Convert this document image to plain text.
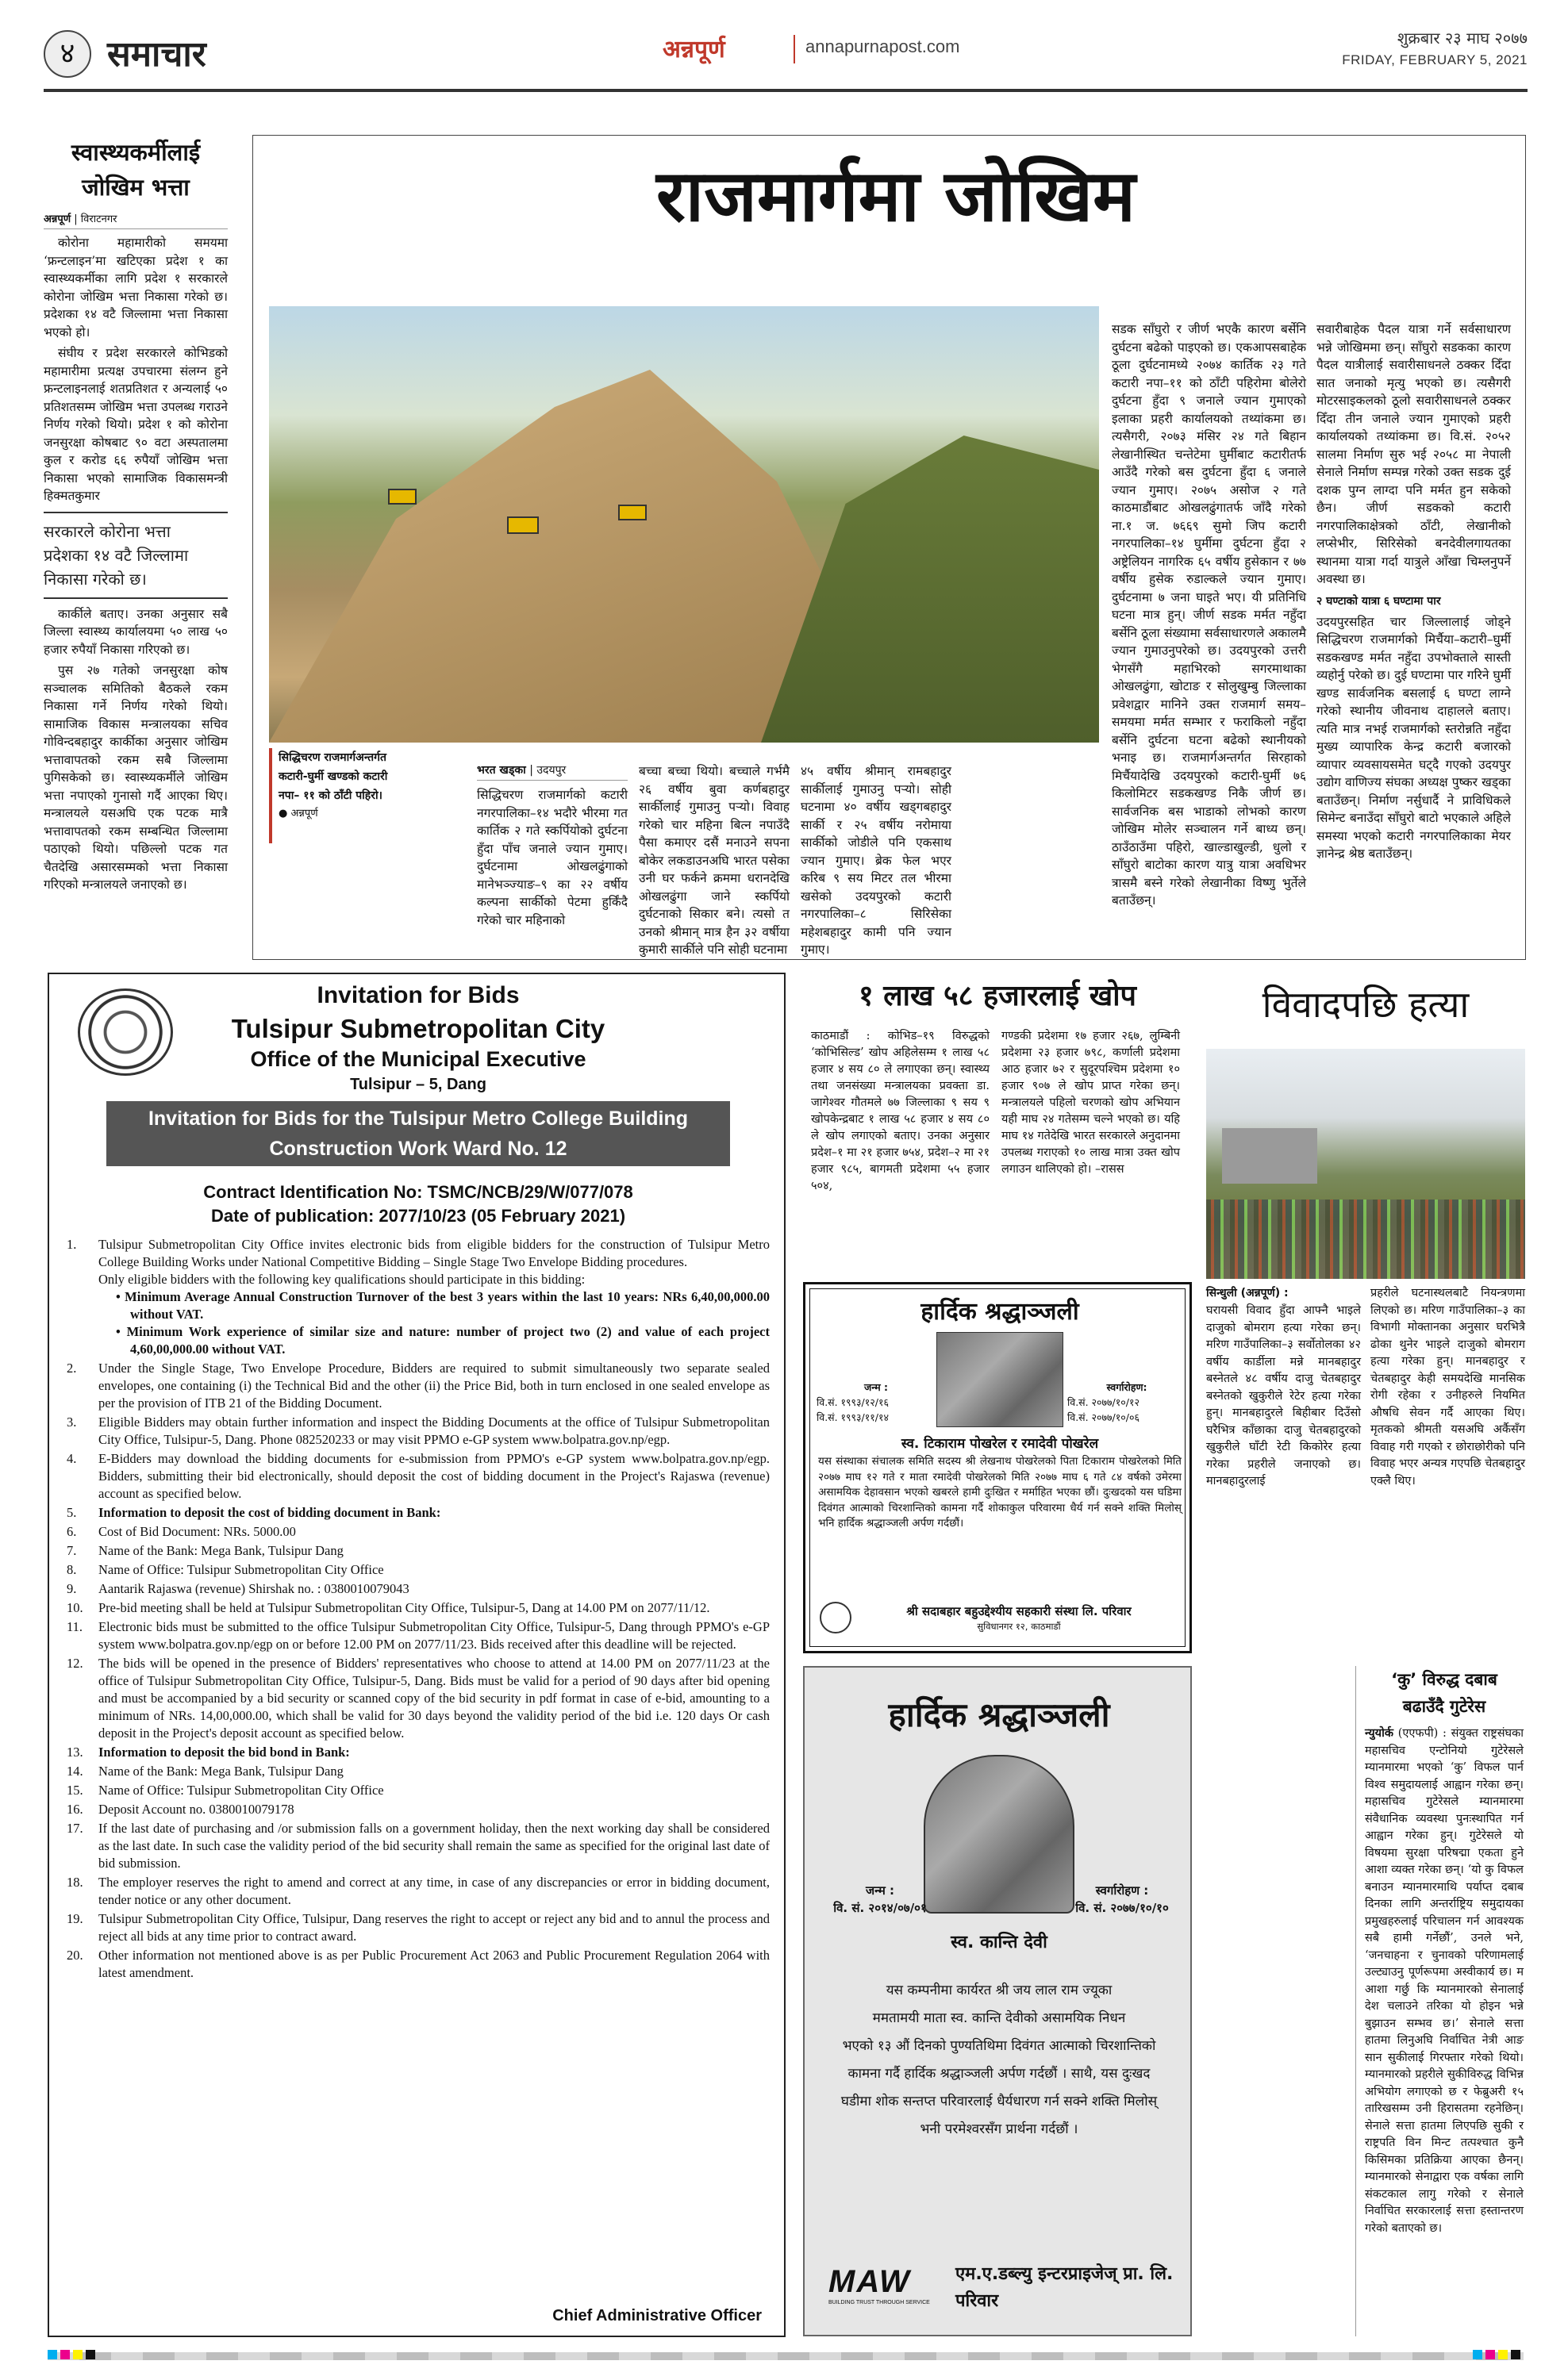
४ समाचार	अन्नपूर्ण	annapurnapost.com	शुक्रबार २३ माघ २०७७
FRIDAY, FEBRUARY 5, 2021
स्वास्थ्यकर्मीलाई
जोखिम भत्ता
अन्नपूर्ण | विराटनगर

कोरोना महामारीको समयमा ‘फ्रन्टलाइन’मा खटिएका प्रदेश १ का स्वास्थ्यकर्मीका लागि प्रदेश १ सरकारले कोरोना जोखिम भत्ता निकासा गरेको छ। प्रदेशका १४ वटै जिल्लामा भत्ता निकासा भएको हो।

संघीय र प्रदेश सरकारले कोभिडको महामारीमा प्रत्यक्ष उपचारमा संलग्न हुने फ्रन्टलाइनलाई शतप्रतिशत र अन्यलाई ५० प्रतिशतसम्म जोखिम भत्ता उपलब्ध गराउने निर्णय गरेको थियो। प्रदेश १ को कोरोना जनसुरक्षा कोषबाट ९० वटा अस्पतालमा कुल र करोड ६६ रुपैयाँ जोखिम भत्ता निकासा भएको सामाजिक विकासमन्त्री हिक्मतकुमार

सरकारले कोरोना भत्ता
प्रदेशका १४ वटै जिल्लामा
निकासा गरेको छ।

कार्कीले बताए। उनका अनुसार सबै जिल्ला स्वास्थ्य कार्यालयमा ५० लाख ५० हजार रुपैयाँ निकासा गरिएको छ।

पुस २७ गतेको जनसुरक्षा कोष सञ्चालक समितिको बैठकले रकम निकासा गर्ने निर्णय गरेको थियो। सामाजिक विकास मन्त्रालयका सचिव गोविन्दबहादुर कार्कीका अनुसार जोखिम भत्तावापतको रकम सबै जिल्लामा पुगिसकेको छ। स्वास्थ्यकर्मीले जोखिम भत्ता नपाएको गुनासो गर्दै आएका थिए। मन्त्रालयले यसअघि एक पटक मात्रै भत्तावापतको रकम सम्बन्धित जिल्लामा पठाएको थियो। पछिल्लो पटक गत चैतदेखि असारसम्मको भत्ता निकासा गरिएको मन्त्रालयले जनाएको छ।

राजमार्गमा जोखिम
सिद्धिचरण राजमार्गअन्तर्गत
कटारी-घुर्मी खण्डको कटारी
नपा– ११ को ठाँटी पहिरो।
● अन्नपूर्ण
भरत खड्का | उदयपुर
सिद्धिचरण राजमार्गको कटारी नगरपालिका–१४ भदौरे भीरमा गत कार्तिक २ गते स्कर्पियोको दुर्घटना हुँदा पाँच जनाले ज्यान गुमाए। दुर्घटनामा ओखलढुंगाको मानेभञ्ज्याङ–९ का २२ वर्षीय कल्पना सार्कीको पेटमा हुर्किंदै गरेको चार महिनाको
बच्चा बच्चा थियो। बच्चाले गर्भमै २६ वर्षीय बुवा कर्णबहादुर सार्कीलाई गुमाउनु पर्‍यो। विवाह गरेको चार महिना बित्न नपाउँदै पैसा कमाएर दसैं मनाउने सपना बोकेर लकडाउनअघि भारत पसेका उनी घर फर्कने क्रममा धरानदेखि ओखलढुंगा जाने स्कर्पियो दुर्घटनाको सिकार बने। त्यसो त उनको श्रीमान् मात्र हैन ३२ वर्षीया कुमारी सार्कीले पनि सोही घटनामा
४५ वर्षीय श्रीमान् रामबहादुर सार्कीलाई गुमाउनु पर्‍यो। सोही घटनामा ४० वर्षीय खड्गबहादुर सार्की र २५ वर्षीय नरोमाया सार्कीको जोडीले पनि एकसाथ ज्यान गुमाए। ब्रेक फेल भएर करिब ९ सय मिटर तल भीरमा खसेको उदयपुरको कटारी नगरपालिका–८ सिरिसेका महेशबहादुर कामी पनि ज्यान गुमाए।
सडक साँघुरो र जीर्ण भएकै कारण बर्सेनि दुर्घटना बढेको पाइएको छ। एकआपसबाहेक ठूला दुर्घटनामध्ये २०७४ कार्तिक २३ गते कटारी नपा–११ को ठाँटी पहिरोमा बोलेरो दुर्घटना हुँदा ९ जनाले ज्यान गुमाएको इलाका प्रहरी कार्यालयको तथ्यांकमा छ। त्यसैगरी, २०७३ मंसिर २४ गते बिहान लेखानीस्थित चन्तेटेमा घुर्मीबाट कटारीतर्फ आउँदै गरेको बस दुर्घटना हुँदा ६ जनाले ज्यान गुमाए। २०७५ असोज २ गते काठमाडौंबाट ओखलढुंगातर्फ जाँदै गरेको ना.१ ज. ७६६९ सुमो जिप कटारी नगरपालिका–१४ घुर्मीमा दुर्घटना हुँदा २ अष्ट्रेलियन नागरिक ६५ वर्षीय हुसेकान र ७७ वर्षीय हुसेक रुडाल्कले ज्यान गुमाए। दुर्घटनामा ७ जना घाइते भए। यी प्रतिनिधि घटना मात्र हुन्। जीर्ण सडक मर्मत नहुँदा बर्सेनि ठूला संख्यामा सर्वसाधारणले अकालमै ज्यान गुमाउनुपरेको छ। उदयपुरको उत्तरी भेगसँगै महाभिरको सगरमाथाका ओखलढुंगा, खोटाङ र सोलुखुम्बु जिल्लाका प्रवेशद्वार मानिने उक्त राजमार्ग समय–समयमा मर्मत सम्भार र फराकिलो नहुँदा बर्सेनि दुर्घटना घटना बढेको स्थानीयको भनाइ छ। राजमार्गअन्तर्गत सिरहाको मिर्चैयादेखि उदयपुरको कटारी-घुर्मी ७६ किलोमिटर सडकखण्ड निकै जीर्ण छ। सार्वजनिक बस भाडाको लोभको कारण जोखिम मोलेर सञ्चालन गर्ने बाध्य छन्। ठाउँठाउँमा पहिरो, खाल्डाखुल्डी, धुलो र साँघुरो बाटोका कारण यात्रु यात्रा अवधिभर त्रासमै बस्ने गरेको लेखानीका विष्णु भुर्तेले बताउँछन्।
सवारीबाहेक पैदल यात्रा गर्ने सर्वसाधारण भन्ने जोखिममा छन्। साँघुरो सडकका कारण पैदल यात्रीलाई सवारीसाधनले ठक्कर दिँदा सात जनाको मृत्यु भएको छ। त्यसैगरी मोटरसाइकलको ठूलो सवारीसाधनले ठक्कर दिँदा तीन जनाले ज्यान गुमाएको प्रहरी कार्यालयको तथ्यांकमा छ। वि.सं. २०५२ सालमा निर्माण सुरु भई २०५८ मा नेपाली सेनाले निर्माण सम्पन्न गरेको उक्त सडक दुई दशक पुग्न लाग्दा पनि मर्मत हुन सकेको छैन। जीर्ण सडकको कटारी नगरपालिकाक्षेत्रको ठाँटी, लेखानीको लप्सेभीर, सिरिसेको बनदेवीलगायतका स्थानमा यात्रा गर्दा यात्रुले आँखा चिम्लनुपर्ने अवस्था छ।
२ घण्टाको यात्रा ६ घण्टामा पार
उदयपुरसहित चार जिल्लालाई जोड्ने सिद्धिचरण राजमार्गको मिर्चैया–कटारी–घुर्मी सडकखण्ड मर्मत नहुँदा उपभोक्ताले सास्ती व्यहोर्नु परेको छ। दुई घण्टामा पार गरिने घुर्मी खण्ड सार्वजनिक बसलाई ६ घण्टा लाग्ने गरेको स्थानीय जीवनाथ दाहालले बताए। त्यति मात्र नभई राजमार्गको स्तरोन्नति नहुँदा मुख्य व्यापारिक केन्द्र कटारी बजारको व्यापार व्यवसायसमेत घट्दै गएको उदयपुर उद्योग वाणिज्य संघका अध्यक्ष पुष्कर खड्का बताउँछन्। निर्माण नर्सुधार्दै ने प्राविधिकले सिमेन्ट बनाउँदा साँघुरो बाटो भएकाले अहिले समस्या भएको कटारी नगरपालिकाका मेयर ज्ञानेन्द्र श्रेष्ठ बताउँछन्।
Invitation for Bids
Tulsipur Submetropolitan City
Office of the Municipal Executive
Tulsipur – 5, Dang
Invitation for Bids for the Tulsipur Metro College Building Construction Work Ward No. 12
Contract Identification No: TSMC/NCB/29/W/077/078
Date of publication: 2077/10/23 (05 February 2021)
1. Tulsipur Submetropolitan City Office invites electronic bids from eligible bidders for the construction of Tulsipur Metro College Building Works under National Competitive Bidding – Single Stage Two Envelope Bidding procedures.
Only eligible bidders with the following key qualifications should participate in this bidding:
• Minimum Average Annual Construction Turnover of the best 3 years within the last 10 years: NRs 6,40,00,000.00 without VAT.
• Minimum Work experience of similar size and nature: number of project two (2) and value of each project 4,60,00,000.00 without VAT.
2. Under the Single Stage, Two Envelope Procedure, Bidders are required to submit simultaneously two separate sealed envelopes, one containing (i) the Technical Bid and the other (ii) the Price Bid, both in turn enclosed in one sealed envelope as per the provision of ITB 21 of the Bidding Document.
3. Eligible Bidders may obtain further information and inspect the Bidding Documents at the office of Tulsipur Submetropolitan City Office, Tulsipur-5, Dang. Phone 082520233 or may visit PPMO e-GP system www.bolpatra.gov.np/egp.
4. E-Bidders may download the bidding documents for e-submission from PPMO's e-GP system www.bolpatra.gov.np/egp. Bidders, submitting their bid electronically, should deposit the cost of bidding document in the Project's Rajaswa (revenue) account as specified below.
5. Information to deposit the cost of bidding document in Bank:
6. Cost of Bid Document: NRs. 5000.00
7. Name of the Bank: Mega Bank, Tulsipur Dang
8. Name of Office: Tulsipur Submetropolitan City Office
9. Aantarik Rajaswa (revenue) Shirshak no. : 0380010079043
10. Pre-bid meeting shall be held at Tulsipur Submetropolitan City Office, Tulsipur-5, Dang at 14.00 PM on 2077/11/12.
11. Electronic bids must be submitted to the office Tulsipur Submetropolitan City Office, Tulsipur-5, Dang through PPMO's e-GP system www.bolpatra.gov.np/egp on or before 12.00 PM on 2077/11/23. Bids received after this deadline will be rejected.
12. The bids will be opened in the presence of Bidders' representatives who choose to attend at 14.00 PM on 2077/11/23 at the office of Tulsipur Submetropolitan City Office, Tulsipur-5, Dang. Bids must be valid for a period of 90 days after bid opening and must be accompanied by a bid security or scanned copy of the bid security in pdf format in case of e-bid, amounting to a minimum of NRs. 14,00,000.00, which shall be valid for 30 days beyond the validity period of the bid i.e. 120 days Or cash deposit in the Project's deposit account as specified below.
13. Information to deposit the bid bond in Bank:
14. Name of the Bank: Mega Bank, Tulsipur Dang
15. Name of Office: Tulsipur Submetropolitan City Office
16. Deposit Account no. 0380010079178
17. If the last date of purchasing and /or submission falls on a government holiday, then the next working day shall be considered as the last date. In such case the validity period of the bid security shall remain the same as specified for the original last date of bid submission.
18. The employer reserves the right to amend and correct at any time, in case of any discrepancies or error in bidding document, tender notice or any other document.
19. Tulsipur Submetropolitan City Office, Tulsipur, Dang reserves the right to accept or reject any bid and to annul the process and reject all bids at any time prior to contract award.
20. Other information not mentioned above is as per Public Procurement Act 2063 and Public Procurement Regulation 2064 with latest amendment.
Chief Administrative Officer
१ लाख ५८ हजारलाई खोप
काठमाडौं : कोभिड–१९ विरुद्धको ‘कोभिसिल्ड’ खोप अहिलेसम्म १ लाख ५८ हजार ४ सय ८० ले लगाएका छन्। स्वास्थ्य तथा जनसंख्या मन्त्रालयका प्रवक्ता डा. जागेश्वर गौतमले ७७ जिल्लाका ९ सय ९ खोपकेन्द्रबाट १ लाख ५८ हजार ४ सय ८० ले खोप लगाएको बताए। उनका अनुसार प्रदेश–१ मा २१ हजार ७५४, प्रदेश–२ मा २१ हजार ९८५, बागमती प्रदेशमा ५५ हजार ५०४,
गण्डकी प्रदेशमा १७ हजार २६७, लुम्बिनी प्रदेशमा २३ हजार ७९८, कर्णाली प्रदेशमा आठ हजार ७२ र सुदूरपश्चिम प्रदेशमा १० हजार ९०७ ले खोप प्राप्त गरेका छन्। मन्त्रालयले पहिलो चरणको खोप अभियान यही माघ २४ गतेसम्म चल्ने भएको छ। यहि माघ १४ गतेदेखि भारत सरकारले अनुदानमा उपलब्ध गराएको १० लाख मात्रा उक्त खोप लगाउन थालिएको हो। –रासस
हार्दिक श्रद्धाञ्जली
जन्म :
वि.सं. १९९३/१२/१६
वि.सं. १९९३/११/१४
स्वर्गारोहण:
वि.सं. २०७७/१०/१२
वि.सं. २०७७/१०/०६
स्व. टिकाराम पोखरेल र रमादेवी पोखरेल
यस संस्थाका संचालक समिति सदस्य श्री लेखनाथ पोखरेलको पिता टिकाराम पोखरेलको मिति २०७७ माघ १२ गते र माता रमादेवी पोखरेलको मिति २०७७ माघ ६ गते ८४ वर्षको उमेरमा असामयिक देहावसान भएको खबरले हामी दुःखित र मर्माहित भएका छौं। दुःखदको यस घडिमा दिवंगत आत्माको चिरशान्तिको कामना गर्दै शोकाकुल परिवारमा धैर्य गर्न सक्ने शक्ति मिलोस् भनि हार्दिक श्रद्धाञ्जली अर्पण गर्दछौं।
श्री सदाबहार बहुउद्देश्यीय सहकारी संस्था लि. परिवार
सुविधानगर १२, काठमाडौं
विवादपछि हत्या
सिन्धुली (अन्नपूर्ण) :
घरायसी विवाद हुँदा आफ्नै भाइले दाजुको बोमराग हत्या गरेका छन्। मरिण गाउँपालिका–३ सर्वोतोलका ४२ वर्षीय कार्डीला मन्ने मानबहादुर बस्नेतले ४८ वर्षीय दाजु चेतबहादुर बस्नेतको खुकुरीले रेटेर हत्या गरेका हुन्। मानबहादुरले बिहीबार दिउँसो घरैभित्र काँछाका दाजु चेतबहादुरको खुकुरीले घाँटी रेटी किकोरेर हत्या गरेका प्रहरीले जनाएको छ। मानबहादुरलाई
प्रहरीले घटनास्थलबाटै नियन्त्रणमा लिएको छ। मरिण गाउँपालिका–३ का विभागी मोक्तानका अनुसार घरभित्रै ढोका थुनेर भाइले दाजुको बोमराग हत्या गरेका हुन्। मानबहादुर र चेतबहादुर केही समयदेखि मानसिक रोगी रहेका र उनीहरुले नियमित औषधि सेवन गर्दै आएका थिए। मृतकको श्रीमती यसअघि अर्कैसँग विवाह गरी गएको र छोराछोरीको पनि विवाह भएर अन्यत्र गएपछि चेतबहादुर एक्लै थिए।
हार्दिक श्रद्धाञ्जली
जन्म :
वि. सं. २०१४/०७/०१
स्वर्गारोहण :
वि. सं. २०७७/१०/१०
स्व. कान्ति देवी
यस कम्पनीमा कार्यरत श्री जय लाल राम ज्यूका
ममतामयी माता स्व. कान्ति देवीको असामयिक निधन
भएको १३ औं दिनको पुण्यतिथिमा दिवंगत आत्माको चिरशान्तिको
कामना गर्दै हार्दिक श्रद्धाञ्जली अर्पण गर्दछौं । साथै, यस दुःखद
घडीमा शोक सन्तप्त परिवारलाई धैर्यधारण गर्न सक्ने शक्ति मिलोस्
भनी परमेश्वरसँग प्रार्थना गर्दछौं ।
MAW
BUILDING TRUST THROUGH SERVICE
एम.ए.डब्ल्यु इन्टरप्राइजेज् प्रा. लि.
परिवार
‘कु’ विरुद्ध दबाब
बढाउँदै गुटेरेस
न्युयोर्क (एएफपी) : संयुक्त राष्ट्रसंघका महासचिव एन्टोनियो गुटेरेसले म्यानमारमा भएको ‘कु’ विफल पार्न विश्व समुदायलाई आह्वान गरेका छन्। महासचिव गुटेरेसले म्यानमारमा संवैधानिक व्यवस्था पुनःस्थापित गर्न आह्वान गरेका हुन्। गुटेरेसले यो विषयमा सुरक्षा परिषद्मा एकता हुने आशा व्यक्त गरेका छन्। ‘यो कु विफल बनाउन म्यानमारमाथि पर्याप्त दबाब दिनका लागि अन्तर्राष्ट्रिय समुदायका प्रमुखहरुलाई परिचालन गर्न आवश्यक सबै हामी गर्नेछौं’, उनले भने, ‘जनचाहना र चुनावको परिणामलाई उल्ट्याउनु पूर्णरूपमा अस्वीकार्य छ। म आशा गर्छु कि म्यानमारको सेनालाई देश चलाउने तरिका यो होइन भन्ने बुझाउन सम्भव छ।’ सेनाले सत्ता हातमा लिनुअघि निर्वाचित नेत्री आङ सान सुकीलाई गिरफ्तार गरेको थियो। म्यानमारको प्रहरीले सुकीविरुद्ध विभिन्न अभियोग लगाएको छ र फेब्रुअरी १५ तारिखसम्म उनी हिरासतमा रहनेछिन्। सेनाले सत्ता हातमा लिएपछि सुकी र राष्ट्रपति विन मिन्ट तत्पश्चात कुनै किसिमका प्रतिक्रिया आएका छैनन्। म्यानमारको सेनाद्वारा एक वर्षका लागि संकटकाल लागु गरेको र सेनाले निर्वाचित सरकारलाई सत्ता हस्तान्तरण गरेको बताएको छ।
